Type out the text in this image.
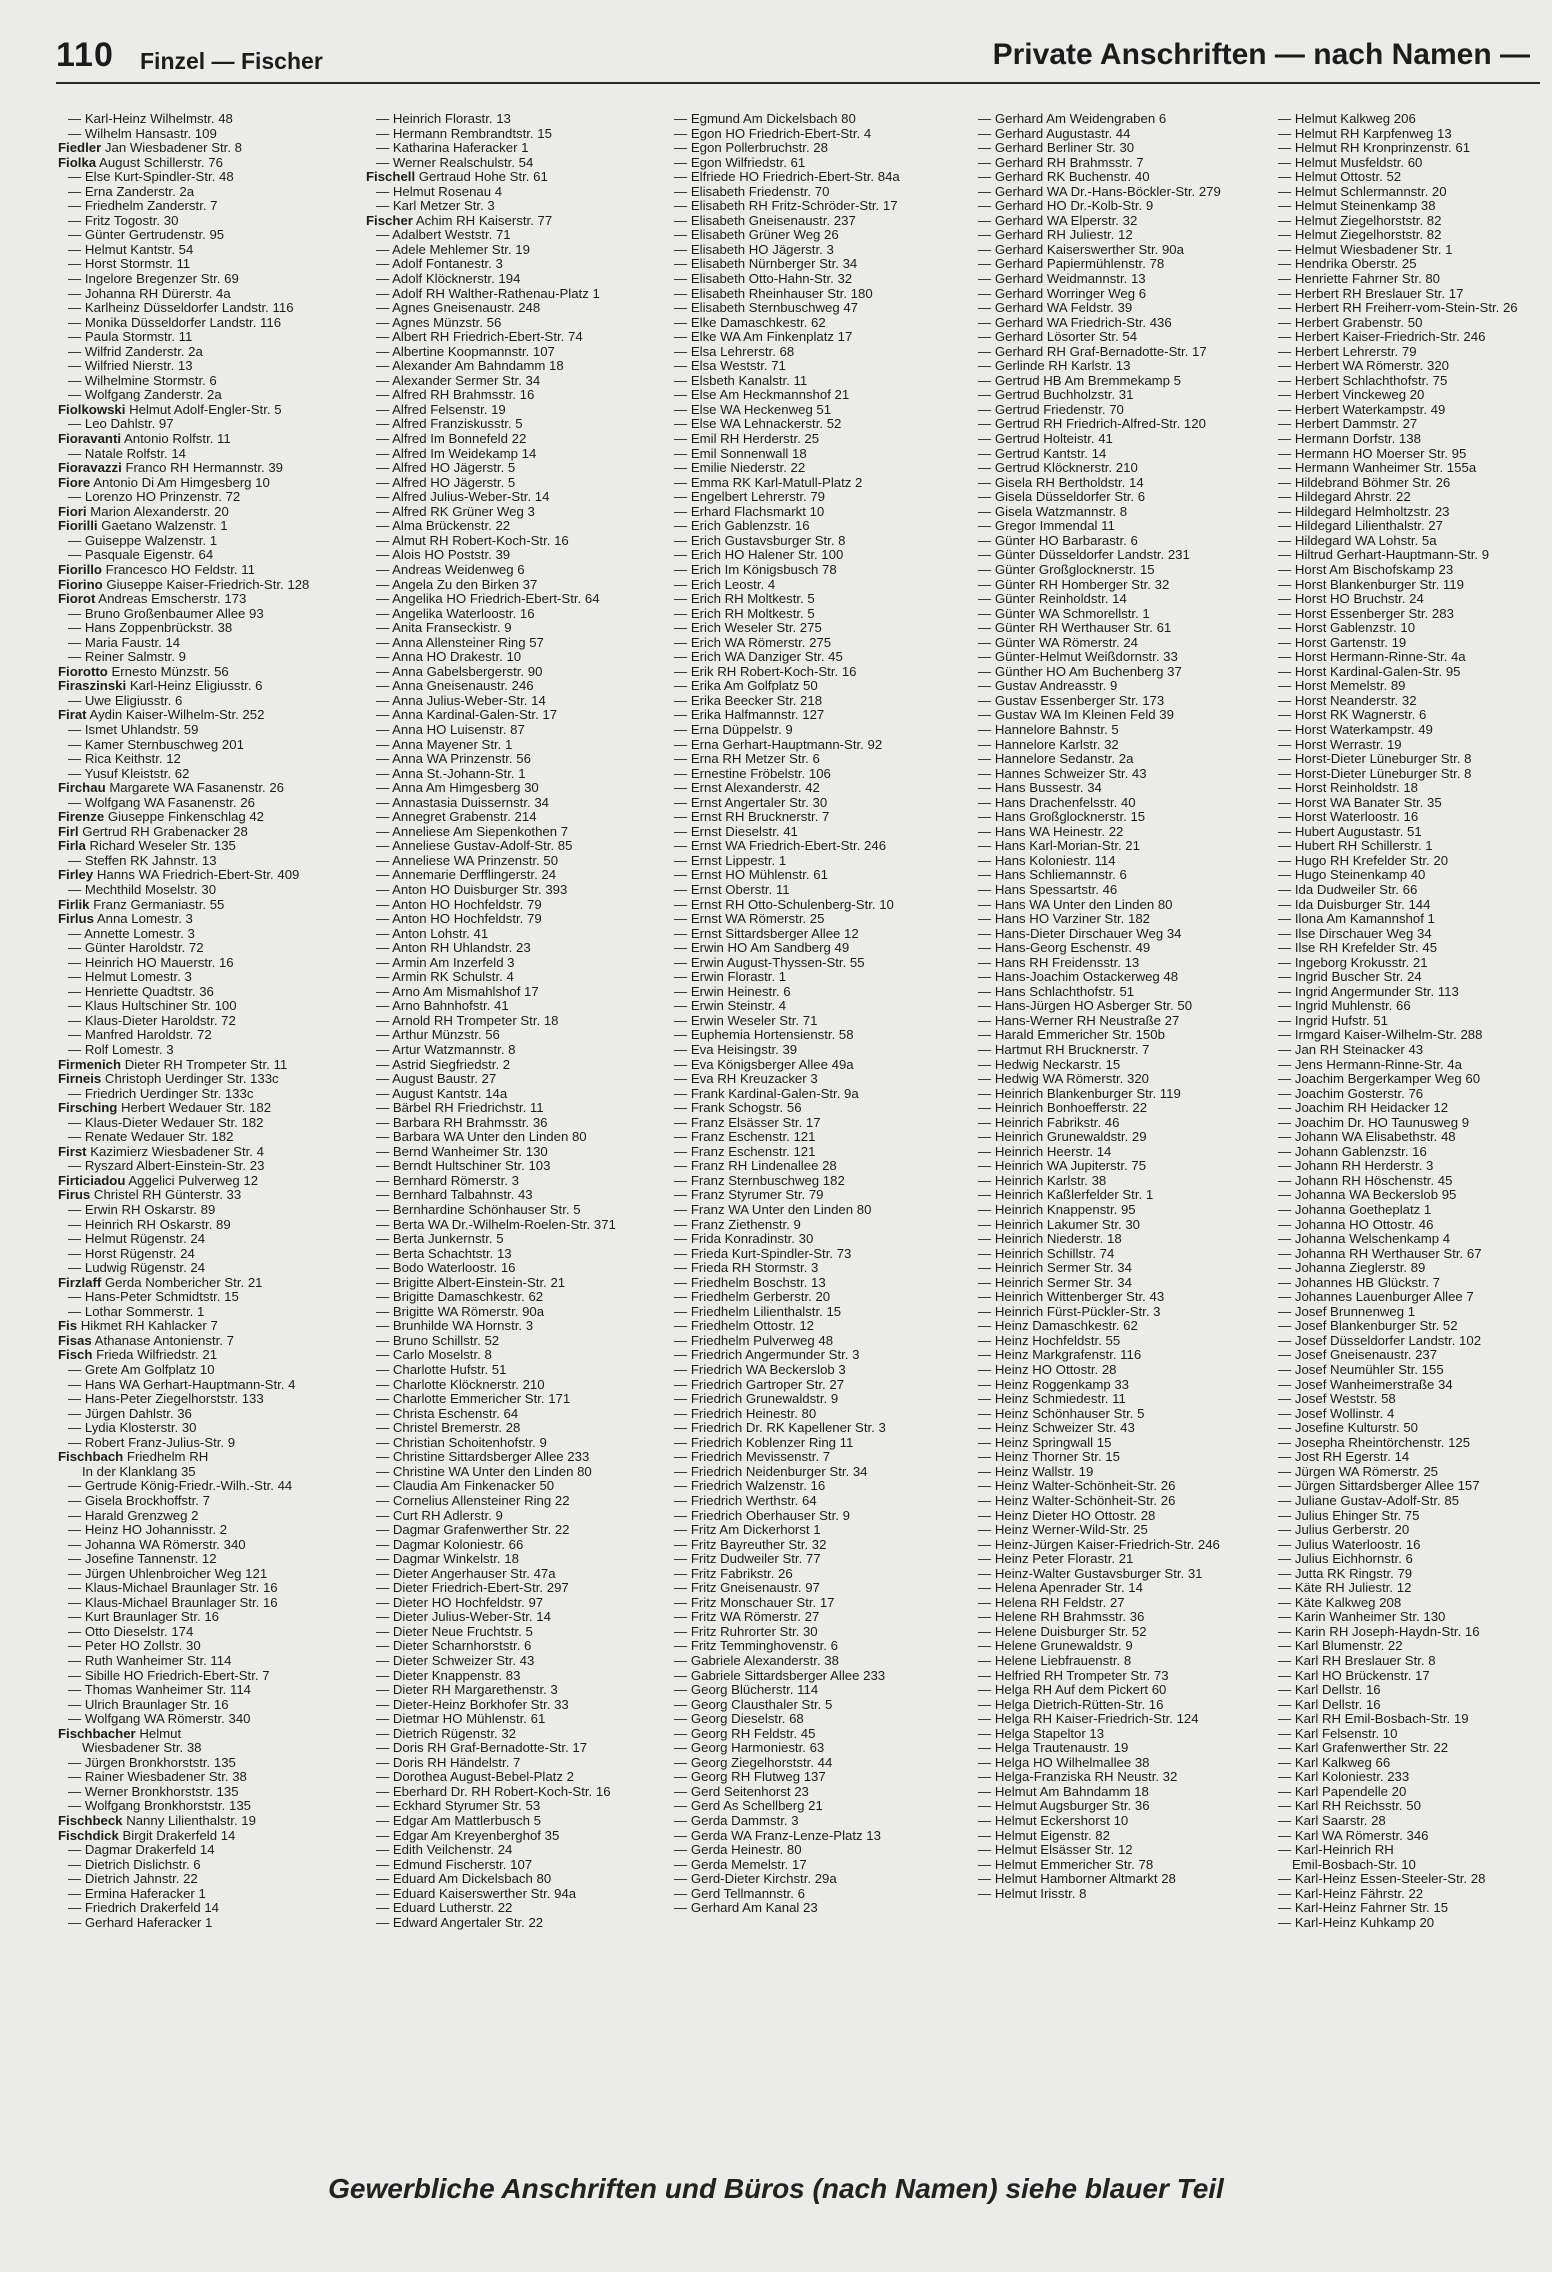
110 Finzel — Fischer	Private Anschriften — nach Namen —
— Karl-Heinz Wilhelmstr. 48
— Wilhelm Hansastr. 109
Fiedler Jan Wiesbadener Str. 8
Fiolka August Schillerstr. 76
— Else Kurt-Spindler-Str. 48
— Erna Zanderstr. 2a
— Friedhelm Zanderstr. 7
— Fritz Togostr. 30
— Günter Gertrudenstr. 95
— Helmut Kantstr. 54
— Horst Stormstr. 11
— Ingelore Bregenzer Str. 69
— Johanna RH Dürerstr. 4a
— Karlheinz Düsseldorfer Landstr. 116
— Monika Düsseldorfer Landstr. 116
— Paula Stormstr. 11
— Wilfrid Zanderstr. 2a
— Wilfried Nierstr. 13
— Wilhelmine Stormstr. 6
— Wolfgang Zanderstr. 2a
Fiolkowski Helmut Adolf-Engler-Str. 5
— Leo Dahlstr. 97
Fioravanti Antonio Rolfstr. 11
— Natale Rolfstr. 14
Fioravazzi Franco RH Hermannstr. 39
Fiore Antonio Di Am Himgesberg 10
— Lorenzo HO Prinzenstr. 72
Fiori Marion Alexanderstr. 20
Fiorilli Gaetano Walzenstr. 1
— Guiseppe Walzenstr. 1
— Pasquale Eigenstr. 64
Fiorillo Francesco HO Feldstr. 11
Fiorino Giuseppe Kaiser-Friedrich-Str. 128
Fiorot Andreas Emscherstr. 173
— Bruno Großenbaumer Allee 93
— Hans Zoppenbrückstr. 38
— Maria Faustr. 14
— Reiner Salmstr. 9
Fiorotto Ernesto Münzstr. 56
Firaszinski Karl-Heinz Eligiusstr. 6
— Uwe Eligiusstr. 6
Firat Aydin Kaiser-Wilhelm-Str. 252
— Ismet Uhlandstr. 59
— Kamer Sternbuschweg 201
— Rica Keithstr. 12
— Yusuf Kleiststr. 62
Firchau Margarete WA Fasanenstr. 26
— Wolfgang WA Fasanenstr. 26
Firenze Giuseppe Finkenschlag 42
Firl Gertrud RH Grabenacker 28
Firla Richard Weseler Str. 135
— Steffen RK Jahnstr. 13
Firley Hanns WA Friedrich-Ebert-Str. 409
— Mechthild Moselstr. 30
Firlik Franz Germaniastr. 55
Firlus Anna Lomestr. 3
— Annette Lomestr. 3
— Günter Haroldstr. 72
— Heinrich HO Mauerstr. 16
— Helmut Lomestr. 3
— Henriette Quadtstr. 36
— Klaus Hultschiner Str. 100
— Klaus-Dieter Haroldstr. 72
— Manfred Haroldstr. 72
— Rolf Lomestr. 3
Firmenich Dieter RH Trompeter Str. 11
Firneis Christoph Uerdinger Str. 133c
— Friedrich Uerdinger Str. 133c
Firsching Herbert Wedauer Str. 182
— Klaus-Dieter Wedauer Str. 182
— Renate Wedauer Str. 182
First Kazimierz Wiesbadener Str. 4
— Ryszard Albert-Einstein-Str. 23
Firticiadou Aggelici Pulverweg 12
Firus Christel RH Günterstr. 33
— Erwin RH Oskarstr. 89
— Heinrich RH Oskarstr. 89
— Helmut Rügenstr. 24
— Horst Rügenstr. 24
— Ludwig Rügenstr. 24
Firzlaff Gerda Nombericher Str. 21
— Hans-Peter Schmidtstr. 15
— Lothar Sommerstr. 1
Fis Hikmet RH Kahlacker 7
Fisas Athanase Antonienstr. 7
Fisch Frieda Wilfriedstr. 21
— Grete Am Golfplatz 10
— Hans WA Gerhart-Hauptmann-Str. 4
— Hans-Peter Ziegelhorststr. 133
— Jürgen Dahlstr. 36
— Lydia Klosterstr. 30
— Robert Franz-Julius-Str. 9
Fischbach Friedhelm RH
In der Klanklang 35
— Gertrude König-Friedr.-Wilh.-Str. 44
— Gisela Brockhoffstr. 7
— Harald Grenzweg 2
— Heinz HO Johannisstr. 2
— Johanna WA Römerstr. 340
— Josefine Tannenstr. 12
— Jürgen Uhlenbroicher Weg 121
— Klaus-Michael Braunlager Str. 16
— Klaus-Michael Braunlager Str. 16
— Kurt Braunlager Str. 16
— Otto Dieselstr. 174
— Peter HO Zollstr. 30
— Ruth Wanheimer Str. 114
— Sibille HO Friedrich-Ebert-Str. 7
— Thomas Wanheimer Str. 114
— Ulrich Braunlager Str. 16
— Wolfgang WA Römerstr. 340
Fischbacher Helmut
Wiesbadener Str. 38
— Jürgen Bronkhorststr. 135
— Rainer Wiesbadener Str. 38
— Werner Bronkhorststr. 135
— Wolfgang Bronkhorststr. 135
Fischbeck Nanny Lilienthalstr. 19
Fischdick Birgit Drakerfeld 14
— Dagmar Drakerfeld 14
— Dietrich Dislichstr. 6
— Dietrich Jahnstr. 22
— Ermina Haferacker 1
— Friedrich Drakerfeld 14
— Gerhard Haferacker 1
— Heinrich Florastr. 13
— Hermann Rembrandtstr. 15
— Katharina Haferacker 1
— Werner Realschulstr. 54
Fischell Gertraud Hohe Str. 61
— Helmut Rosenau 4
— Karl Metzer Str. 3
Fischer Achim RH Kaiserstr. 77
— Adalbert Weststr. 71
— Adele Mehlemer Str. 19
— Adolf Fontanestr. 3
— Adolf Klöcknerstr. 194
— Adolf RH Walther-Rathenau-Platz 1
— Agnes Gneisenaustr. 248
— Agnes Münzstr. 56
— Albert RH Friedrich-Ebert-Str. 74
— Albertine Koopmannstr. 107
— Alexander Am Bahndamm 18
— Alexander Sermer Str. 34
— Alfred RH Brahmsstr. 16
— Alfred Felsenstr. 19
— Alfred Franziskusstr. 5
— Alfred Im Bonnefeld 22
— Alfred Im Weidekamp 14
— Alfred HO Jägerstr. 5
— Alfred HO Jägerstr. 5
— Alfred Julius-Weber-Str. 14
— Alfred RK Grüner Weg 3
— Alma Brückenstr. 22
— Almut RH Robert-Koch-Str. 16
— Alois HO Poststr. 39
— Andreas Weidenweg 6
— Angela Zu den Birken 37
— Angelika HO Friedrich-Ebert-Str. 64
— Angelika Waterloostr. 16
— Anita Franseckistr. 9
— Anna Allensteiner Ring 57
— Anna HO Drakestr. 10
— Anna Gabelsbergerstr. 90
— Anna Gneisenaustr. 246
— Anna Julius-Weber-Str. 14
— Anna Kardinal-Galen-Str. 17
— Anna HO Luisenstr. 87
— Anna Mayener Str. 1
— Anna WA Prinzenstr. 56
— Anna St.-Johann-Str. 1
— Anna Am Himgesberg 30
— Annastasia Duissernstr. 34
— Annegret Grabenstr. 214
— Anneliese Am Siepenkothen 7
— Anneliese Gustav-Adolf-Str. 85
— Anneliese WA Prinzenstr. 50
— Annemarie Derfflingerstr. 24
— Anton HO Duisburger Str. 393
— Anton HO Hochfeldstr. 79
— Anton HO Hochfeldstr. 79
— Anton Lohstr. 41
— Anton RH Uhlandstr. 23
— Armin Am Inzerfeld 3
— Armin RK Schulstr. 4
— Arno Am Mismahlshof 17
— Arno Bahnhofstr. 41
— Arnold RH Trompeter Str. 18
— Arthur Münzstr. 56
— Artur Watzmannstr. 8
— Astrid Siegfriedstr. 2
— August Baustr. 27
— August Kantstr. 14a
— Bärbel RH Friedrichstr. 11
— Barbara RH Brahmsstr. 36
— Barbara WA Unter den Linden 80
— Bernd Wanheimer Str. 130
— Berndt Hultschiner Str. 103
— Bernhard Römerstr. 3
— Bernhard Talbahnstr. 43
— Bernhardine Schönhauser Str. 5
— Berta WA Dr.-Wilhelm-Roelen-Str. 371
— Berta Junkernstr. 5
— Berta Schachtstr. 13
— Bodo Waterloostr. 16
— Brigitte Albert-Einstein-Str. 21
— Brigitte Damaschkestr. 62
— Brigitte WA Römerstr. 90a
— Brunhilde WA Hornstr. 3
— Bruno Schillstr. 52
— Carlo Moselstr. 8
— Charlotte Hufstr. 51
— Charlotte Klöcknerstr. 210
— Charlotte Emmericher Str. 171
— Christa Eschenstr. 64
— Christel Bremerstr. 28
— Christian Schoitenhofstr. 9
— Christine Sittardsberger Allee 233
— Christine WA Unter den Linden 80
— Claudia Am Finkenacker 50
— Cornelius Allensteiner Ring 22
— Curt RH Adlerstr. 9
— Dagmar Grafenwerther Str. 22
— Dagmar Koloniestr. 66
— Dagmar Winkelstr. 18
— Dieter Angerhauser Str. 47a
— Dieter Friedrich-Ebert-Str. 297
— Dieter HO Hochfeldstr. 97
— Dieter Julius-Weber-Str. 14
— Dieter Neue Fruchtstr. 5
— Dieter Scharnhorststr. 6
— Dieter Schweizer Str. 43
— Dieter Knappenstr. 83
— Dieter RH Margarethenstr. 3
— Dieter-Heinz Borkhofer Str. 33
— Dietmar HO Mühlenstr. 61
— Dietrich Rügenstr. 32
— Doris RH Graf-Bernadotte-Str. 17
— Doris RH Händelstr. 7
— Dorothea August-Bebel-Platz 2
— Eberhard Dr. RH Robert-Koch-Str. 16
— Eckhard Styrumer Str. 53
— Edgar Am Mattlerbusch 5
— Edgar Am Kreyenberghof 35
— Edith Veilchenstr. 24
— Edmund Fischerstr. 107
— Eduard Am Dickelsbach 80
— Eduard Kaiserswerther Str. 94a
— Eduard Lutherstr. 22
— Edward Angertaler Str. 22
— Egmund Am Dickelsbach 80
— Egon HO Friedrich-Ebert-Str. 4
— Egon Pollerbruchstr. 28
— Egon Wilfriedstr. 61
— Elfriede HO Friedrich-Ebert-Str. 84a
— Elisabeth Friedenstr. 70
— Elisabeth RH Fritz-Schröder-Str. 17
— Elisabeth Gneisenaustr. 237
— Elisabeth Grüner Weg 26
— Elisabeth HO Jägerstr. 3
— Elisabeth Nürnberger Str. 34
— Elisabeth Otto-Hahn-Str. 32
— Elisabeth Rheinhauser Str. 180
— Elisabeth Sternbuschweg 47
— Elke Damaschkestr. 62
— Elke WA Am Finkenplatz 17
— Elsa Lehrerstr. 68
— Elsa Weststr. 71
— Elsbeth Kanalstr. 11
— Else Am Heckmannshof 21
— Else WA Heckenweg 51
— Else WA Lehnackerstr. 52
— Emil RH Herderstr. 25
— Emil Sonnenwall 18
— Emilie Niederstr. 22
— Emma RK Karl-Matull-Platz 2
— Engelbert Lehrerstr. 79
— Erhard Flachsmarkt 10
— Erich Gablenzstr. 16
— Erich Gustavsburger Str. 8
— Erich HO Halener Str. 100
— Erich Im Königsbusch 78
— Erich Leostr. 4
— Erich RH Moltkestr. 5
— Erich RH Moltkestr. 5
— Erich Weseler Str. 275
— Erich WA Römerstr. 275
— Erich WA Danziger Str. 45
— Erik RH Robert-Koch-Str. 16
— Erika Am Golfplatz 50
— Erika Beecker Str. 218
— Erika Halfmannstr. 127
— Erna Düppelstr. 9
— Erna Gerhart-Hauptmann-Str. 92
— Erna RH Metzer Str. 6
— Ernestine Fröbelstr. 106
— Ernst Alexanderstr. 42
— Ernst Angertaler Str. 30
— Ernst RH Brucknerstr. 7
— Ernst Dieselstr. 41
— Ernst WA Friedrich-Ebert-Str. 246
— Ernst Lippestr. 1
— Ernst HO Mühlenstr. 61
— Ernst Oberstr. 11
— Ernst RH Otto-Schulenberg-Str. 10
— Ernst WA Römerstr. 25
— Ernst Sittardsberger Allee 12
— Erwin HO Am Sandberg 49
— Erwin August-Thyssen-Str. 55
— Erwin Florastr. 1
— Erwin Heinestr. 6
— Erwin Steinstr. 4
— Erwin Weseler Str. 71
— Euphemia Hortensienstr. 58
— Eva Heisingstr. 39
— Eva Königsberger Allee 49a
— Eva RH Kreuzacker 3
— Frank Kardinal-Galen-Str. 9a
— Frank Schogstr. 56
— Franz Elsässer Str. 17
— Franz Eschenstr. 121
— Franz Eschenstr. 121
— Franz RH Lindenallee 28
— Franz Sternbuschweg 182
— Franz Styrumer Str. 79
— Franz WA Unter den Linden 80
— Franz Ziethenstr. 9
— Frida Konradinstr. 30
— Frieda Kurt-Spindler-Str. 73
— Frieda RH Stormstr. 3
— Friedhelm Boschstr. 13
— Friedhelm Gerberstr. 20
— Friedhelm Lilienthalstr. 15
— Friedhelm Ottostr. 12
— Friedhelm Pulverweg 48
— Friedrich Angermunder Str. 3
— Friedrich WA Beckerslob 3
— Friedrich Gartroper Str. 27
— Friedrich Grunewaldstr. 9
— Friedrich Heinestr. 80
— Friedrich Dr. RK Kapellener Str. 3
— Friedrich Koblenzer Ring 11
— Friedrich Mevissenstr. 7
— Friedrich Neidenburger Str. 34
— Friedrich Walzenstr. 16
— Friedrich Werthstr. 64
— Friedrich Oberhauser Str. 9
— Fritz Am Dickerhorst 1
— Fritz Bayreuther Str. 32
— Fritz Dudweiler Str. 77
— Fritz Fabrikstr. 26
— Fritz Gneisenaustr. 97
— Fritz Monschauer Str. 17
— Fritz WA Römerstr. 27
— Fritz Ruhrorter Str. 30
— Fritz Temminghovenstr. 6
— Gabriele Alexanderstr. 38
— Gabriele Sittardsberger Allee 233
— Georg Blücherstr. 114
— Georg Clausthaler Str. 5
— Georg Dieselstr. 68
— Georg RH Feldstr. 45
— Georg Harmoniestr. 63
— Georg Ziegelhorststr. 44
— Georg RH Flutweg 137
— Gerd Seitenhorst 23
— Gerd As Schellberg 21
— Gerda Dammstr. 3
— Gerda WA Franz-Lenze-Platz 13
— Gerda Heinestr. 80
— Gerda Memelstr. 17
— Gerd-Dieter Kirchstr. 29a
— Gerd Tellmannstr. 6
— Gerhard Am Kanal 23
— Gerhard Am Weidengraben 6
— Gerhard Augustastr. 44
— Gerhard Berliner Str. 30
— Gerhard RH Brahmsstr. 7
— Gerhard RK Buchenstr. 40
— Gerhard WA Dr.-Hans-Böckler-Str. 279
— Gerhard HO Dr.-Kolb-Str. 9
— Gerhard WA Elperstr. 32
— Gerhard RH Juliestr. 12
— Gerhard Kaiserswerther Str. 90a
— Gerhard Papiermühlenstr. 78
— Gerhard Weidmannstr. 13
— Gerhard Worringer Weg 6
— Gerhard WA Feldstr. 39
— Gerhard WA Friedrich-Str. 436
— Gerhard Lösorter Str. 54
— Gerhard RH Graf-Bernadotte-Str. 17
— Gerlinde RH Karlstr. 13
— Gertrud HB Am Bremmekamp 5
— Gertrud Buchholzstr. 31
— Gertrud Friedenstr. 70
— Gertrud RH Friedrich-Alfred-Str. 120
— Gertrud Holteistr. 41
— Gertrud Kantstr. 14
— Gertrud Klöcknerstr. 210
— Gisela RH Bertholdstr. 14
— Gisela Düsseldorfer Str. 6
— Gisela Watzmannstr. 8
— Gregor Immendal 11
— Günter HO Barbarastr. 6
— Günter Düsseldorfer Landstr. 231
— Günter Großglocknerstr. 15
— Günter RH Homberger Str. 32
— Günter Reinholdstr. 14
— Günter WA Schmorellstr. 1
— Günter RH Werthauser Str. 61
— Günter WA Römerstr. 24
— Günter-Helmut Weißdornstr. 33
— Günther HO Am Buchenberg 37
— Gustav Andreasstr. 9
— Gustav Essenberger Str. 173
— Gustav WA Im Kleinen Feld 39
— Hannelore Bahnstr. 5
— Hannelore Karlstr. 32
— Hannelore Sedanstr. 2a
— Hannes Schweizer Str. 43
— Hans Bussestr. 34
— Hans Drachenfelsstr. 40
— Hans Großglocknerstr. 15
— Hans WA Heinestr. 22
— Hans Karl-Morian-Str. 21
— Hans Koloniestr. 114
— Hans Schliemannstr. 6
— Hans Spessartstr. 46
— Hans WA Unter den Linden 80
— Hans HO Varziner Str. 182
— Hans-Dieter Dirschauer Weg 34
— Hans-Georg Eschenstr. 49
— Hans RH Freidensstr. 13
— Hans-Joachim Ostackerweg 48
— Hans Schlachthofstr. 51
— Hans-Jürgen HO Asberger Str. 50
— Hans-Werner RH Neustraße 27
— Harald Emmericher Str. 150b
— Hartmut RH Brucknerstr. 7
— Hedwig Neckarstr. 15
— Hedwig WA Römerstr. 320
— Heinrich Blankenburger Str. 119
— Heinrich Bonhoefferstr. 22
— Heinrich Fabrikstr. 46
— Heinrich Grunewaldstr. 29
— Heinrich Heerstr. 14
— Heinrich WA Jupiterstr. 75
— Heinrich Karlstr. 38
— Heinrich Kaßlerfelder Str. 1
— Heinrich Knappenstr. 95
— Heinrich Lakumer Str. 30
— Heinrich Niederstr. 18
— Heinrich Schillstr. 74
— Heinrich Sermer Str. 34
— Heinrich Sermer Str. 34
— Heinrich Wittenberger Str. 43
— Heinrich Fürst-Pückler-Str. 3
— Heinz Damaschkestr. 62
— Heinz Hochfeldstr. 55
— Heinz Markgrafenstr. 116
— Heinz HO Ottostr. 28
— Heinz Roggenkamp 33
— Heinz Schmiedestr. 11
— Heinz Schönhauser Str. 5
— Heinz Schweizer Str. 43
— Heinz Springwall 15
— Heinz Thorner Str. 15
— Heinz Wallstr. 19
— Heinz Walter-Schönheit-Str. 26
— Heinz Walter-Schönheit-Str. 26
— Heinz Dieter HO Ottostr. 28
— Heinz Werner-Wild-Str. 25
— Heinz-Jürgen Kaiser-Friedrich-Str. 246
— Heinz Peter Florastr. 21
— Heinz-Walter Gustavsburger Str. 31
— Helena Apenrader Str. 14
— Helena RH Feldstr. 27
— Helene RH Brahmsstr. 36
— Helene Duisburger Str. 52
— Helene Grunewaldstr. 9
— Helene Liebfrauenstr. 8
— Helfried RH Trompeter Str. 73
— Helga RH Auf dem Pickert 60
— Helga Dietrich-Rütten-Str. 16
— Helga RH Kaiser-Friedrich-Str. 124
— Helga Stapeltor 13
— Helga Trautenaustr. 19
— Helga HO Wilhelmallee 38
— Helga-Franziska RH Neustr. 32
— Helmut Am Bahndamm 18
— Helmut Augsburger Str. 36
— Helmut Eckershorst 10
— Helmut Eigenstr. 82
— Helmut Elsässer Str. 12
— Helmut Emmericher Str. 78
— Helmut Hamborner Altmarkt 28
— Helmut Irisstr. 8
— Helmut Kalkweg 206
— Helmut RH Karpfenweg 13
— Helmut RH Kronprinzenstr. 61
— Helmut Musfeldstr. 60
— Helmut Ottostr. 52
— Helmut Schlermannstr. 20
— Helmut Steinenkamp 38
— Helmut Ziegelhorststr. 82
— Helmut Ziegelhorststr. 82
— Helmut Wiesbadener Str. 1
— Hendrika Oberstr. 25
— Henriette Fahrner Str. 80
— Herbert RH Breslauer Str. 17
— Herbert RH Freiherr-vom-Stein-Str. 26
— Herbert Grabenstr. 50
— Herbert Kaiser-Friedrich-Str. 246
— Herbert Lehrerstr. 79
— Herbert WA Römerstr. 320
— Herbert Schlachthofstr. 75
— Herbert Vinckeweg 20
— Herbert Waterkampstr. 49
— Herbert Dammstr. 27
— Hermann Dorfstr. 138
— Hermann HO Moerser Str. 95
— Hermann Wanheimer Str. 155a
— Hildebrand Böhmer Str. 26
— Hildegard Ahrstr. 22
— Hildegard Helmholtzstr. 23
— Hildegard Lilienthalstr. 27
— Hildegard WA Lohstr. 5a
— Hiltrud Gerhart-Hauptmann-Str. 9
— Horst Am Bischofskamp 23
— Horst Blankenburger Str. 119
— Horst HO Bruchstr. 24
— Horst Essenberger Str. 283
— Horst Gablenzstr. 10
— Horst Gartenstr. 19
— Horst Hermann-Rinne-Str. 4a
— Horst Kardinal-Galen-Str. 95
— Horst Memelstr. 89
— Horst Neanderstr. 32
— Horst RK Wagnerstr. 6
— Horst Waterkampstr. 49
— Horst Werrastr. 19
— Horst-Dieter Lüneburger Str. 8
— Horst-Dieter Lüneburger Str. 8
— Horst Reinholdstr. 18
— Horst WA Banater Str. 35
— Horst Waterloostr. 16
— Hubert Augustastr. 51
— Hubert RH Schillerstr. 1
— Hugo RH Krefelder Str. 20
— Hugo Steinenkamp 40
— Ida Dudweiler Str. 66
— Ida Duisburger Str. 144
— Ilona Am Kamannshof 1
— Ilse Dirschauer Weg 34
— Ilse RH Krefelder Str. 45
— Ingeborg Krokusstr. 21
— Ingrid Buscher Str. 24
— Ingrid Angermunder Str. 113
— Ingrid Muhlenstr. 66
— Ingrid Hufstr. 51
— Irmgard Kaiser-Wilhelm-Str. 288
— Jan RH Steinacker 43
— Jens Hermann-Rinne-Str. 4a
— Joachim Bergerkamper Weg 60
— Joachim Gosterstr. 76
— Joachim RH Heidacker 12
— Joachim Dr. HO Taunusweg 9
— Johann WA Elisabethstr. 48
— Johann Gablenzstr. 16
— Johann RH Herderstr. 3
— Johann RH Höschenstr. 45
— Johanna WA Beckerslob 95
— Johanna Goetheplatz 1
— Johanna HO Ottostr. 46
— Johanna Welschenkamp 4
— Johanna RH Werthauser Str. 67
— Johanna Zieglerstr. 89
— Johannes HB Glückstr. 7
— Johannes Lauenburger Allee 7
— Josef Brunnenweg 1
— Josef Blankenburger Str. 52
— Josef Düsseldorfer Landstr. 102
— Josef Gneisenaustr. 237
— Josef Neumühler Str. 155
— Josef Wanheimerstraße 34
— Josef Weststr. 58
— Josef Wollinstr. 4
— Josefine Kulturstr. 50
— Josepha Rheintörchenstr. 125
— Jost RH Egerstr. 14
— Jürgen WA Römerstr. 25
— Jürgen Sittardsberger Allee 157
— Juliane Gustav-Adolf-Str. 85
— Julius Ehinger Str. 75
— Julius Gerberstr. 20
— Julius Waterloostr. 16
— Julius Eichhornstr. 6
— Jutta RK Ringstr. 79
— Käte RH Juliestr. 12
— Käte Kalkweg 208
— Karin Wanheimer Str. 130
— Karin RH Joseph-Haydn-Str. 16
— Karl Blumenstr. 22
— Karl RH Breslauer Str. 8
— Karl HO Brückenstr. 17
— Karl Dellstr. 16
— Karl Dellstr. 16
— Karl RH Emil-Bosbach-Str. 19
— Karl Felsenstr. 10
— Karl Grafenwerther Str. 22
— Karl Kalkweg 66
— Karl Koloniestr. 233
— Karl Papendelle 20
— Karl RH Reichsstr. 50
— Karl Saarstr. 28
— Karl WA Römerstr. 346
— Karl-Heinrich RH
Emil-Bosbach-Str. 10
— Karl-Heinz Essen-Steeler-Str. 28
— Karl-Heinz Fährstr. 22
— Karl-Heinz Fahrner Str. 15
— Karl-Heinz Kuhkamp 20
Gewerbliche Anschriften und Büros (nach Namen) siehe blauer Teil
